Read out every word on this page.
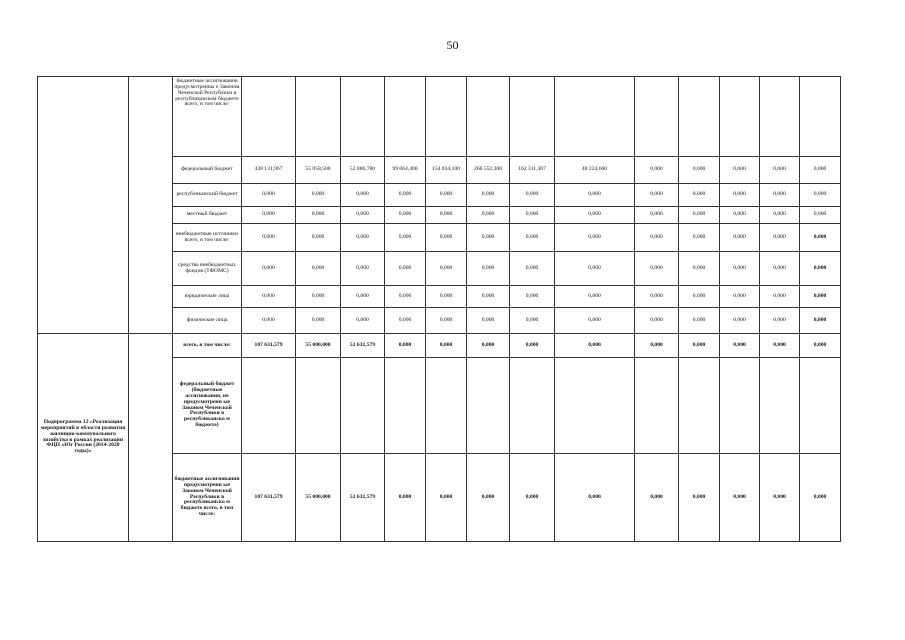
50
		бюджетные ассигнования предусмотренны е Законом Чеченской Республики в республиканском бюджете всего, в том числе:													
		федеральный бюджет	438 131,967	55 058,500	52 886,700	99 064,400	154 034,100	266 552,300	162 311,307	48 224,660	0,000	0,000	0,000	0,000	0,000
		республиканский бюджет	0,000	0,000	0,000	0,000	0,000	0,000	0,000	0,000	0,000	0,000	0,000	0,000	0,000
		местный бюджет	0,000	0,000	0,000	0,000	0,000	0,000	0,000	0,000	0,000	0,000	0,000	0,000	0,000
		внебюджетные источники всего, в том числе:	0,000	0,000	0,000	0,000	0,000	0,000	0,000	0,000	0,000	0,000	0,000	0,000	0,000
		средства внебюджетных фондов (ТФОМС)	0,000	0,000	0,000	0,000	0,000	0,000	0,000	0,000	0,000	0,000	0,000	0,000	0,000
		юридические лица	0,000	0,000	0,000	0,000	0,000	0,000	0,000	0,000	0,000	0,000	0,000	0,000	0,000
		физические лица	0,000	0,000	0,000	0,000	0,000	0,000	0,000	0,000	0,000	0,000	0,000	0,000	0,000
Подпрограмма 12 «Реализация мероприятий в области развития жилищно-коммунального хозяйства в рамках реализации ФЦП «Юг России (2014-2020 годы)»		всего, в том числе:	107 631,579	55 000,000	52 631,579	0,000	0,000	0,000	0,000	0,000	0,000	0,000	0,000	0,000	0,000
		федеральный бюджет (бюджетные ассигнования, не предусмотренн ые Законом Чеченской Республики в республиканско м бюджете)													
		бюджетные ассигнования предусмотренн ые Законом Чеченской Республики в республиканско м бюджете всего, в том числе:	107 631,579	55 000,000	52 631,579	0,000	0,000	0,000	0,000	0,000	0,000	0,000	0,000	0,000	0,000
